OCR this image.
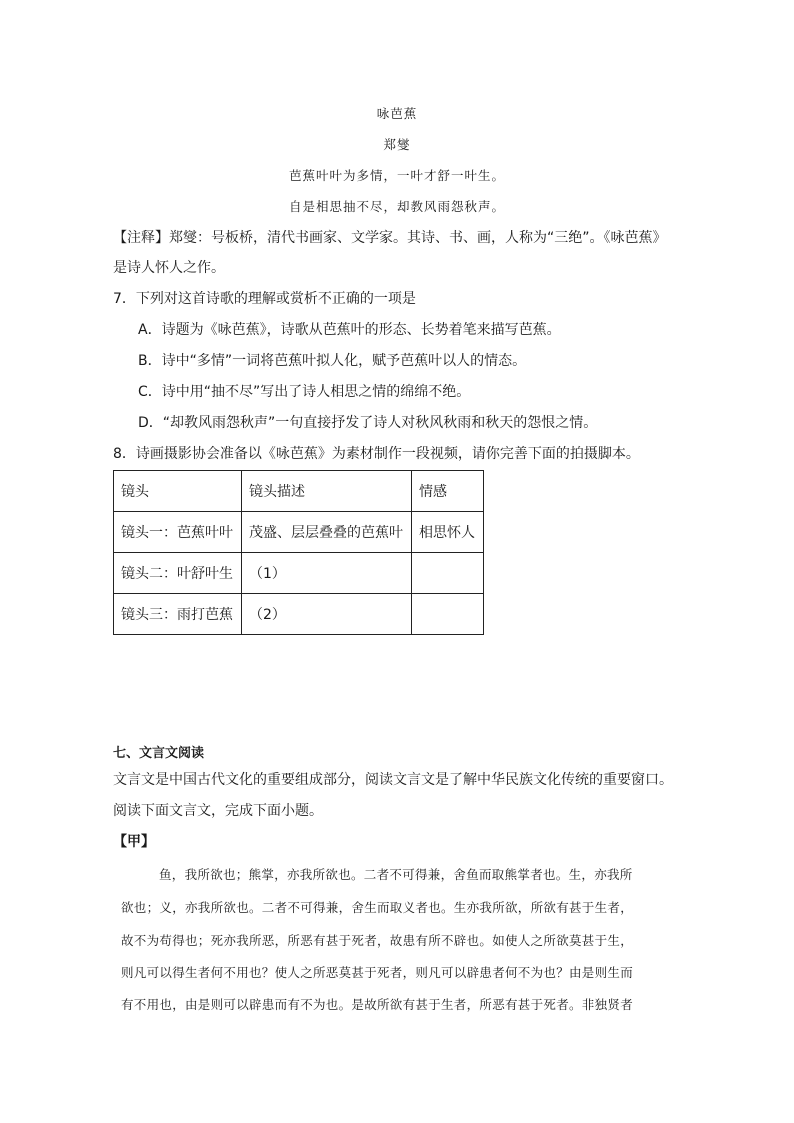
咏芭蕉
郑燮
芭蕉叶叶为多情，一叶才舒一叶生。
自是相思抽不尽，却教风雨怨秋声。
【注释】郑燮：号板桥，清代书画家、文学家。其诗、书、画，人称为“三绝”。《咏芭蕉》
是诗人怀人之作。
7．下列对这首诗歌的理解或赏析不正确的一项是
A．诗题为《咏芭蕉》，诗歌从芭蕉叶的形态、长势着笔来描写芭蕉。
B．诗中“多情”一词将芭蕉叶拟人化，赋予芭蕉叶以人的情态。
C．诗中用“抽不尽”写出了诗人相思之情的绵绵不绝。
D．“却教风雨怨秋声”一句直接抒发了诗人对秋风秋雨和秋天的怨恨之情。
8．诗画摄影协会准备以《咏芭蕉》为素材制作一段视频，请你完善下面的拍摄脚本。
镜头	镜头描述	情感
镜头一：芭蕉叶叶	茂盛、层层叠叠的芭蕉叶	相思怀人
镜头二：叶舒叶生	（1）	
镜头三：雨打芭蕉	（2）	
七、文言文阅读
文言文是中国古代文化的重要组成部分，阅读文言文是了解中华民族文化传统的重要窗口。
阅读下面文言文，完成下面小题。
【甲】
鱼，我所欲也；熊掌，亦我所欲也。二者不可得兼，舍鱼而取熊掌者也。生，亦我所
欲也；义，亦我所欲也。二者不可得兼，舍生而取义者也。生亦我所欲，所欲有甚于生者，
故不为苟得也；死亦我所恶，所恶有甚于死者，故患有所不辟也。如使人之所欲莫甚于生，
则凡可以得生者何不用也？使人之所恶莫甚于死者，则凡可以辟患者何不为也？由是则生而
有不用也，由是则可以辟患而有不为也。是故所欲有甚于生者，所恶有甚于死者。非独贤者
